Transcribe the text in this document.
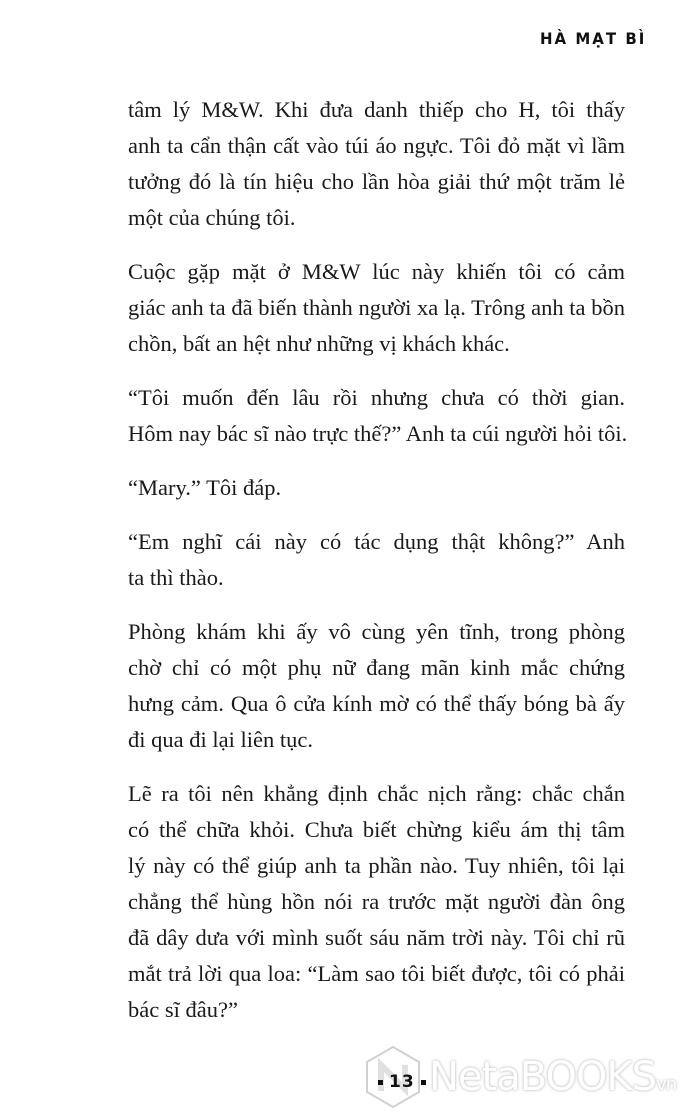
HÀ MẠT BÌ
tâm lý M&W. Khi đưa danh thiếp cho H, tôi thấy
anh ta cẩn thận cất vào túi áo ngực. Tôi đỏ mặt vì lầm
tưởng đó là tín hiệu cho lần hòa giải thứ một trăm lẻ
một của chúng tôi.
Cuộc gặp mặt ở M&W lúc này khiến tôi có cảm
giác anh ta đã biến thành người xa lạ. Trông anh ta bồn
chồn, bất an hệt như những vị khách khác.
“Tôi muốn đến lâu rồi nhưng chưa có thời gian.
Hôm nay bác sĩ nào trực thế?” Anh ta cúi người hỏi tôi.
“Mary.” Tôi đáp.
“Em nghĩ cái này có tác dụng thật không?” Anh
ta thì thào.
Phòng khám khi ấy vô cùng yên tĩnh, trong phòng
chờ chỉ có một phụ nữ đang mãn kinh mắc chứng
hưng cảm. Qua ô cửa kính mờ có thể thấy bóng bà ấy
đi qua đi lại liên tục.
Lẽ ra tôi nên khẳng định chắc nịch rằng: chắc chắn
có thể chữa khỏi. Chưa biết chừng kiểu ám thị tâm
lý này có thể giúp anh ta phần nào. Tuy nhiên, tôi lại
chẳng thể hùng hồn nói ra trước mặt người đàn ông
đã dây dưa với mình suốt sáu năm trời này. Tôi chỉ rũ
mắt trả lời qua loa: “Làm sao tôi biết được, tôi có phải
bác sĩ đâu?”
NetaBOOKSvn
13
